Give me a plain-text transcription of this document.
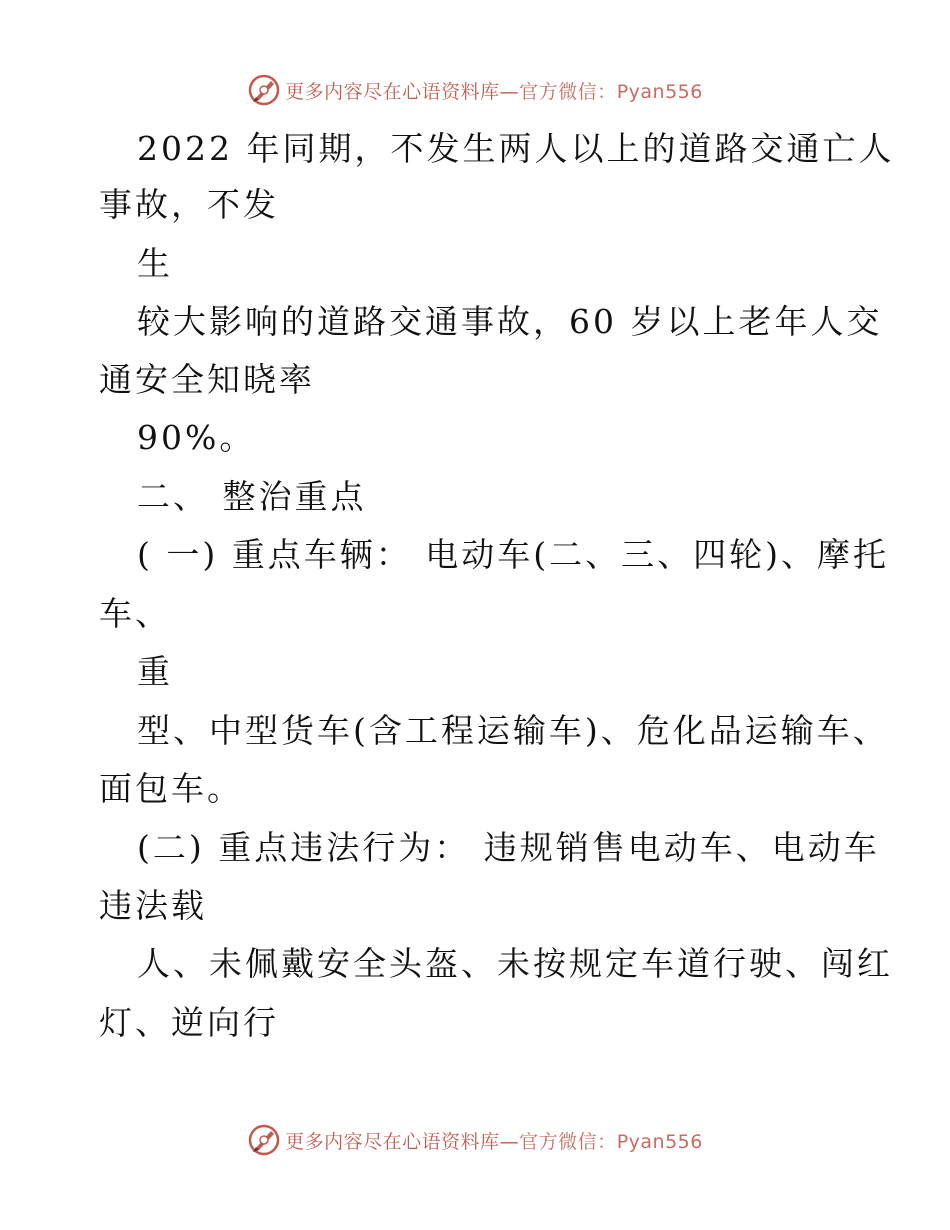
更多内容尽在心语资料库—官方微信：Pyan556
2022 年同期，不发生两人以上的道路交通亡人
事故，不发
生
较大影响的道路交通事故，60 岁以上老年人交
通安全知晓率
90%。
二、 整治重点
( 一) 重点车辆： 电动车(二、三、四轮)、摩托
车、
重
型、中型货车(含工程运输车)、危化品运输车、
面包车。
(二) 重点违法行为： 违规销售电动车、电动车
违法载
人、未佩戴安全头盔、未按规定车道行驶、闯红
灯、逆向行
更多内容尽在心语资料库—官方微信：Pyan556
